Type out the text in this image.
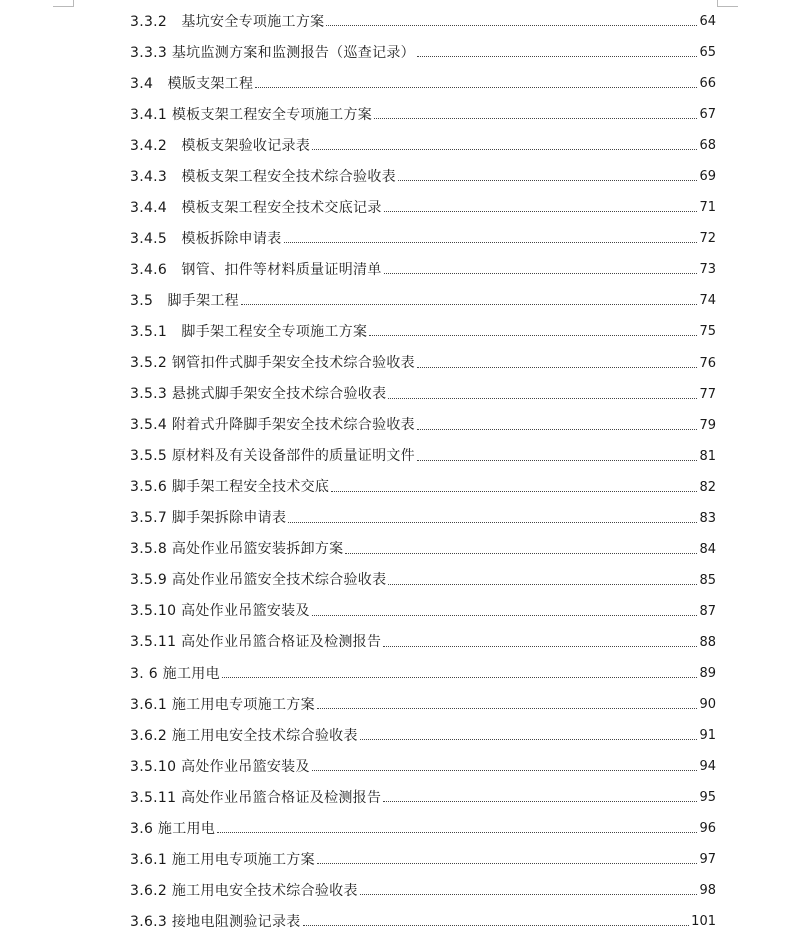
3.3.2　基坑安全专项施工方案	64
3.3.3 基坑监测方案和监测报告（巡查记录）	65
3.4　模版支架工程	66
3.4.1 模板支架工程安全专项施工方案	67
3.4.2　模板支架验收记录表	68
3.4.3　模板支架工程安全技术综合验收表	69
3.4.4　模板支架工程安全技术交底记录	71
3.4.5　模板拆除申请表	72
3.4.6　钢管、扣件等材料质量证明清单	73
3.5　脚手架工程	74
3.5.1　脚手架工程安全专项施工方案	75
3.5.2 钢管扣件式脚手架安全技术综合验收表	76
3.5.3 悬挑式脚手架安全技术综合验收表	77
3.5.4 附着式升降脚手架安全技术综合验收表	79
3.5.5 原材料及有关设备部件的质量证明文件	81
3.5.6 脚手架工程安全技术交底	82
3.5.7 脚手架拆除申请表	83
3.5.8 高处作业吊篮安装拆卸方案	84
3.5.9 高处作业吊篮安全技术综合验收表	85
3.5.10 高处作业吊篮安装及	87
3.5.11 高处作业吊篮合格证及检测报告	88
3. 6 施工用电	89
3.6.1 施工用电专项施工方案	90
3.6.2 施工用电安全技术综合验收表	91
3.5.10 高处作业吊篮安装及	94
3.5.11 高处作业吊篮合格证及检测报告	95
3.6 施工用电	96
3.6.1 施工用电专项施工方案	97
3.6.2 施工用电安全技术综合验收表	98
3.6.3 接地电阻测验记录表	101
